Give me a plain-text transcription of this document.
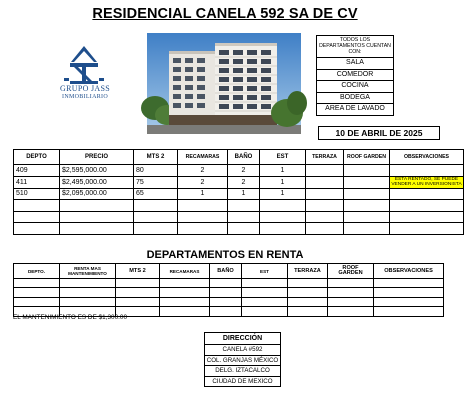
RESIDENCIAL CANELA 592 SA DE CV
GRUPO JASS
INMOBILIARIO
TODOS LOS DEPARTAMENTOS CUENTAN CON:
SALA
COMEDOR
COCINA
BODEGA
AREA DE LAVADO
10 DE ABRIL DE 2025
DEPTO	PRECIO	MTS 2	RECAMARAS	BAÑO	EST	TERRAZA	ROOF GARDEN	OBSERVACIONES
409	$2,595,000.00	80	2	2	1			
411	$2,495,000.00	75	2	2	1			ESTA RENTADO, SE PUEDE VENDER A UN INVERSIONISTA
510	$2,095,000.00	65	1	1	1			

DEPARTAMENTOS EN RENTA
DEPTO.	RENTA MAS MANTENIMIENTO	MTS 2	RECAMARAS	BAÑO	EST	TERRAZA	ROOF GARDEN	OBSERVACIONES

EL MANTENIMIENTO ES DE $1,300.00
DIRECCIÓN
CANELA #592
COL. GRANJAS MÉXICO
DELG. IZTACALCO
CIUDAD DE MEXICO
